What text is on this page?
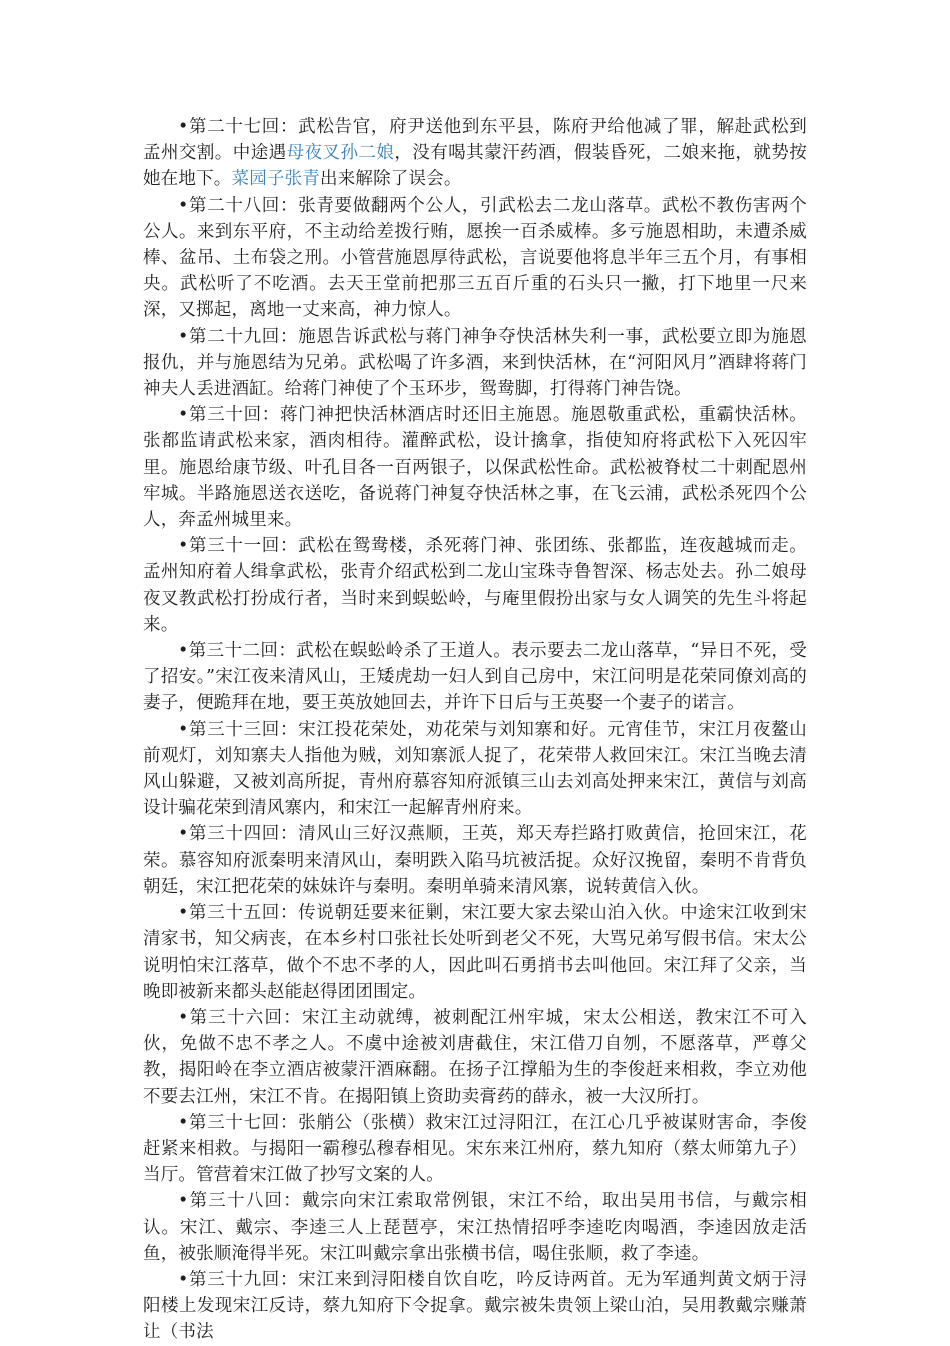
•第二十七回：武松告官，府尹送他到东平县，陈府尹给他减了罪，解赴武松到孟州交割。中途遇母夜叉孙二娘，没有喝其蒙汗药酒，假装昏死，二娘来拖，就势按她在地下。菜园子张青出来解除了误会。

•第二十八回：张青要做翻两个公人，引武松去二龙山落草。武松不教伤害两个公人。来到东平府，不主动给差拨行贿，愿挨一百杀威棒。多亏施恩相助，未遭杀威棒、盆吊、土布袋之刑。小管营施恩厚待武松，言说要他将息半年三五个月，有事相央。武松听了不吃酒。去天王堂前把那三五百斤重的石头只一撇，打下地里一尺来深，又掷起，离地一丈来高，神力惊人。

•第二十九回：施恩告诉武松与蒋门神争夺快活林失利一事，武松要立即为施恩报仇，并与施恩结为兄弟。武松喝了许多酒，来到快活林，在“河阳风月”酒肆将蒋门神夫人丢进酒缸。给蒋门神使了个玉环步，鸳鸯脚，打得蒋门神告饶。

•第三十回：蒋门神把快活林酒店时还旧主施恩。施恩敬重武松，重霸快活林。张都监请武松来家，酒肉相待。灌醉武松，设计擒拿，指使知府将武松下入死囚牢里。施恩给康节级、叶孔目各一百两银子，以保武松性命。武松被脊杖二十刺配恩州牢城。半路施恩送衣送吃，备说蒋门神复夺快活林之事，在飞云浦，武松杀死四个公人，奔孟州城里来。

•第三十一回：武松在鸳鸯楼，杀死蒋门神、张团练、张都监，连夜越城而走。孟州知府着人缉拿武松，张青介绍武松到二龙山宝珠寺鲁智深、杨志处去。孙二娘母夜叉教武松打扮成行者，当时来到蜈蚣岭，与庵里假扮出家与女人调笑的先生斗将起来。

•第三十二回：武松在蜈蚣岭杀了王道人。表示要去二龙山落草，“异日不死，受了招安。”宋江夜来清风山，王矮虎劫一妇人到自己房中，宋江问明是花荣同僚刘高的妻子，便跪拜在地，要王英放她回去，并许下日后与王英娶一个妻子的诺言。

•第三十三回：宋江投花荣处，劝花荣与刘知寨和好。元宵佳节，宋江月夜鳌山前观灯，刘知寨夫人指他为贼，刘知寨派人捉了，花荣带人救回宋江。宋江当晚去清风山躲避，又被刘高所捉，青州府慕容知府派镇三山去刘高处押来宋江，黄信与刘高设计骗花荣到清风寨内，和宋江一起解青州府来。

•第三十四回：清风山三好汉燕顺，王英，郑天寿拦路打败黄信，抢回宋江，花荣。慕容知府派秦明来清风山，秦明跌入陷马坑被活捉。众好汉挽留，秦明不肯背负朝廷，宋江把花荣的妹妹许与秦明。秦明单骑来清风寨，说转黄信入伙。

•第三十五回：传说朝廷要来征剿，宋江要大家去梁山泊入伙。中途宋江收到宋清家书，知父病丧，在本乡村口张社长处听到老父不死，大骂兄弟写假书信。宋太公说明怕宋江落草，做个不忠不孝的人，因此叫石勇捎书去叫他回。宋江拜了父亲，当晚即被新来都头赵能赵得团团围定。

•第三十六回：宋江主动就缚，被刺配江州牢城，宋太公相送，教宋江不可入伙，免做不忠不孝之人。不虞中途被刘唐截住，宋江借刀自刎，不愿落草，严尊父教，揭阳岭在李立酒店被蒙汗酒麻翻。在扬子江撑船为生的李俊赶来相救，李立劝他不要去江州，宋江不肯。在揭阳镇上资助卖膏药的薛永，被一大汉所打。

•第三十七回：张艄公（张横）救宋江过浔阳江，在江心几乎被谋财害命，李俊赶紧来相救。与揭阳一霸穆弘穆春相见。宋东来江州府，蔡九知府（蔡太师第九子）当厅。管营着宋江做了抄写文案的人。

•第三十八回：戴宗向宋江索取常例银，宋江不给，取出吴用书信，与戴宗相认。宋江、戴宗、李逵三人上琵琶亭，宋江热情招呼李逵吃肉喝酒，李逵因放走活鱼，被张顺淹得半死。宋江叫戴宗拿出张横书信，喝住张顺，救了李逵。

•第三十九回：宋江来到浔阳楼自饮自吃，吟反诗两首。无为军通判黄文炳于浔阳楼上发现宋江反诗，蔡九知府下令捉拿。戴宗被朱贵领上梁山泊，吴用教戴宗赚萧让（书法
